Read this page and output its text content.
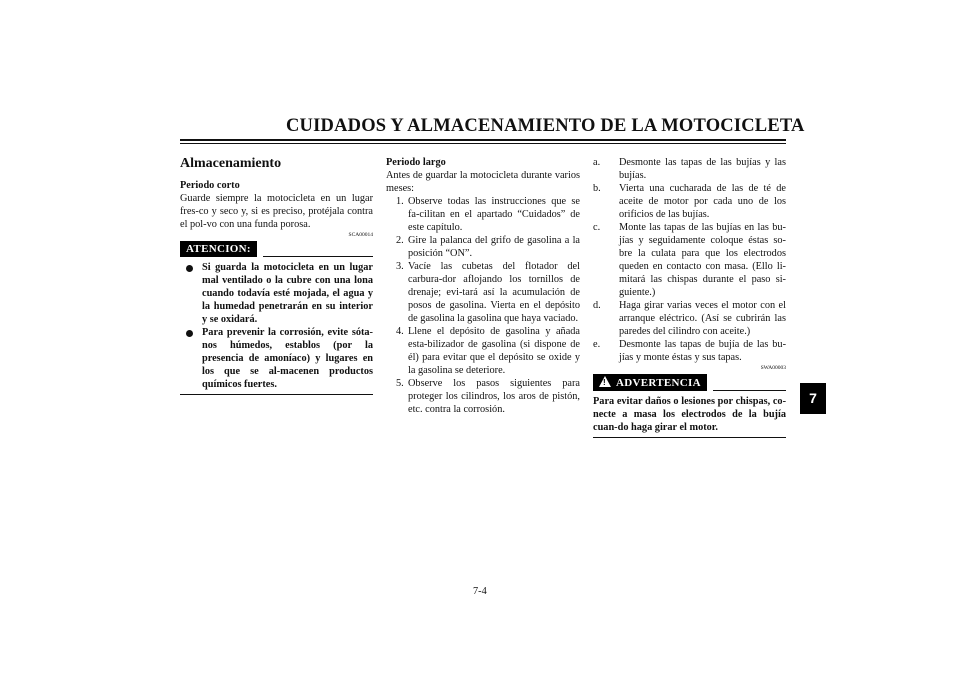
CUIDADOS Y ALMACENAMIENTO DE LA MOTOCICLETA
Almacenamiento
Periodo corto

Guarde siempre la motocicleta en un lugar fres-co y seco y, si es preciso, protéjala contra el pol-vo con una funda porosa.

SCA00014
ATENCION:
Si guarda la motocicleta en un lugar mal ventilado o la cubre con una lona cuando todavía esté mojada, el agua y la humedad penetrarán en su interior y se oxidará.
Para prevenir la corrosión, evite sóta-nos húmedos, establos (por la presencia de amoníaco) y lugares en los que se al-macenen productos químicos fuertes.
Periodo largo

Antes de guardar la motocicleta durante varios meses:

1. Observe todas las instrucciones que se fa-cilitan en el apartado “Cuidados” de este capítulo.
2. Gire la palanca del grifo de gasolina a la posición “ON”.
3. Vacíe las cubetas del flotador del carbura-dor aflojando los tornillos de drenaje; evi-tará así la acumulación de posos de gasolina. Vierta en el depósito de gasolina la gasolina que haya vaciado.
4. Llene el depósito de gasolina y añada esta-bilizador de gasolina (si dispone de él) para evitar que el depósito se oxide y la gasolina se deteriore.
5. Observe los pasos siguientes para proteger los cilindros, los aros de pistón, etc. contra la corrosión.
a. Desmonte las tapas de las bujías y las bujías.
b. Vierta una cucharada de las de té de aceite de motor por cada uno de los orificios de las bujías.
c. Monte las tapas de las bujías en las bu-jías y seguidamente coloque éstas so-bre la culata para que los electrodos queden en contacto con masa. (Ello li-mitará las chispas durante el paso si-guiente.)
d. Haga girar varias veces el motor con el arranque eléctrico. (Así se cubrirán las paredes del cilindro con aceite.)
e. Desmonte las tapas de bujía de las bu-jías y monte éstas y sus tapas.
SWA00003
! ADVERTENCIA

Para evitar daños o lesiones por chispas, co-necte a masa los electrodos de la bujía cuan-do haga girar el motor.

7
7-4
